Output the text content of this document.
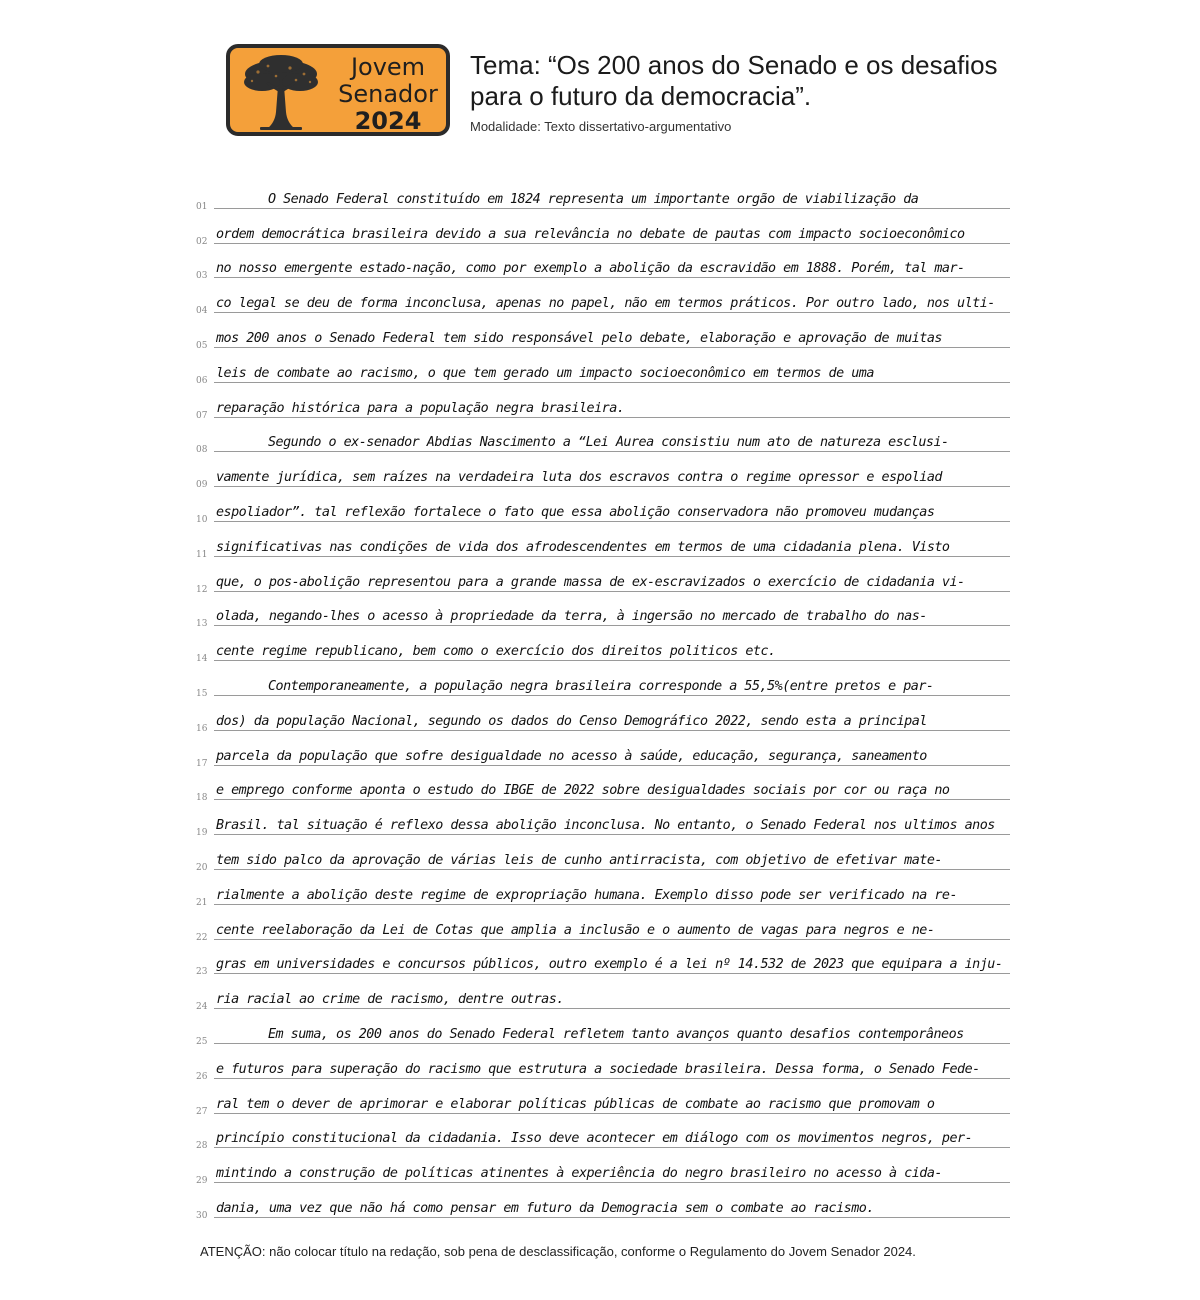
Jovem
Senador
2024
Tema: “Os 200 anos do Senado e os desafios para o futuro da democracia”.
Modalidade: Texto dissertativo-argumentativo
01	O Senado Federal constituído em 1824 representa um importante orgão de viabilização da
02 ordem democrática brasileira devido a sua relevância no debate de pautas com impacto socioeconômico
03 no nosso emergente estado-nação, como por exemplo a abolição da escravidão em 1888. Porém, tal mar-
04 co legal se deu de forma inconclusa, apenas no papel, não em termos práticos. Por outro lado, nos ulti-
05 mos 200 anos o Senado Federal tem sido responsável pelo debate, elaboração e aprovação de muitas
06 leis de combate ao racismo, o que tem gerado um impacto socioeconômico em termos de uma
07 reparação histórica para a população negra brasileira.
08	Segundo o ex-senador Abdias Nascimento a “Lei Áurea consistiu num ato de natureza esclusi-
09 vamente jurídica, sem raízes na verdadeira luta dos escravos contra o regime opressor e espoliad
10 espoliador”. tal reflexão fortalece o fato que essa abolição conservadora não promoveu mudanças
11 significativas nas condições de vida dos afrodescendentes em termos de uma cidadania plena. Visto
12 que, o pos-abolição representou para a grande massa de ex-escravizados o exercício de cidadania vi-
13 olada, negando-lhes o acesso à propriedade da terra, à ingersão no mercado de trabalho do nas-
14 cente regime republicano, bem como o exercício dos direitos politicos etc.
15	Contemporaneamente, a população negra brasileira corresponde a 55,5%(entre pretos e par-
16 dos) da população Nacional, segundo os dados do Censo Demográfico 2022, sendo esta a principal
17 parcela da população que sofre desigualdade no acesso à saúde, educação, segurança, saneamento
18 e emprego conforme aponta o estudo do IBGE de 2022 sobre desigualdades sociais por cor ou raça no
19 Brasil. tal situação é reflexo dessa abolição inconclusa. No entanto, o Senado Federal nos ultimos anos
20 tem sido palco da aprovação de várias leis de cunho antirracista, com objetivo de efetivar mate-
21 rialmente a abolição deste regime de expropriação humana. Exemplo disso pode ser verificado na re-
22 cente reelaboração da Lei de Cotas que amplia a inclusão e o aumento de vagas para negros e ne-
23 gras em universidades e concursos públicos, outro exemplo é a lei nº 14.532 de 2023 que equipara a inju-
24 ria racial ao crime de racismo, dentre outras.
25	Em suma, os 200 anos do Senado Federal refletem tanto avanços quanto desafios contemporâneos
26 e futuros para superação do racismo que estrutura a sociedade brasileira. Dessa forma, o Senado Fede-
27 ral tem o dever de aprimorar e elaborar políticas públicas de combate ao racismo que promovam o
28 princípio constitucional da cidadania. Isso deve acontecer em diálogo com os movimentos negros, per-
29 mintindo a construção de políticas atinentes à experiência do negro brasileiro no acesso à cida-
30 dania, uma vez que não há como pensar em futuro da Demogracia sem o combate ao racismo.
ATENÇÃO: não colocar título na redação, sob pena de desclassificação, conforme o Regulamento do Jovem Senador 2024.
